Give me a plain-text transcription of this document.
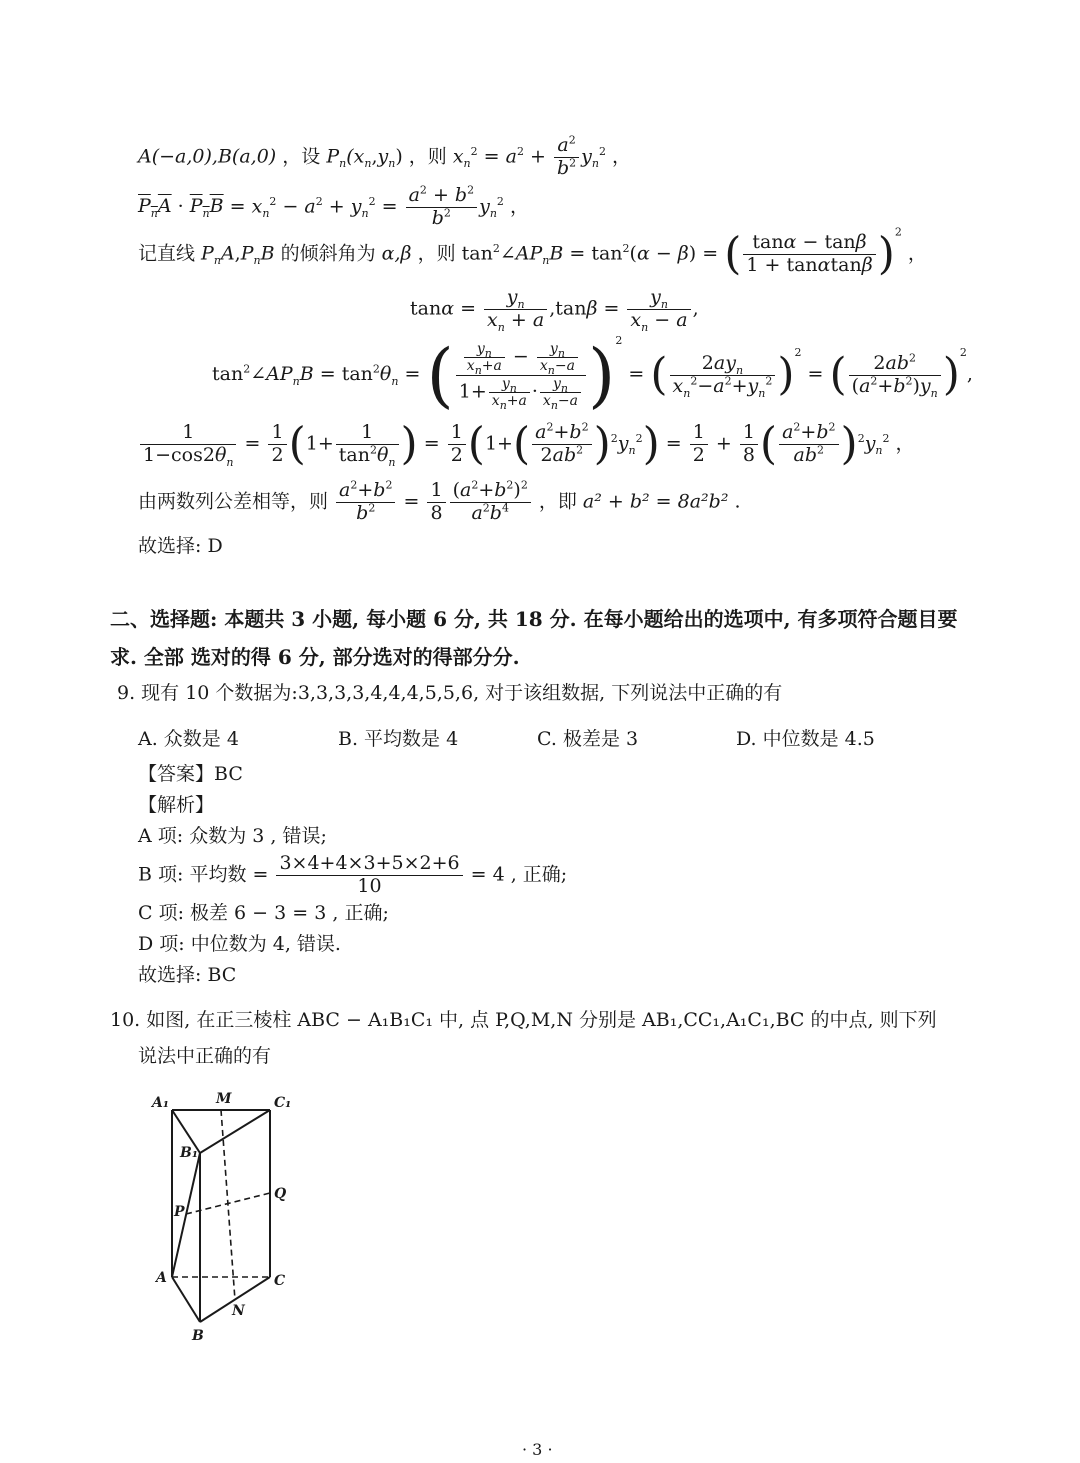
A(−a,0),B(a,0) ，设 $P_n(x_n,y_n)$ ，则 $x_n^2 = a^2 + \frac{a^2}{b^2} y_n^2$ ，
$P_nA \cdot P_nB = x_n^2 - a^2 + y_n^2 = \frac{a^2 + b^2}{b^2} y_n^2$ ，
记直线 $P_nA,P_nB$ 的倾斜角为 α,β ，则 $\tan^2\angle AP_nB = \tan^2(\alpha - \beta)$ = ( $\frac{\tan\alpha - \tan\beta}{1 + \tan\alpha\tan\beta} )^2$ ，
$\tan\alpha = \frac{y_n}{x_n + a} ,\tan\beta = \frac{y_n}{x_n - a}$ ,
$\tan^2\angle AP_nB = \tan^2\theta_n$ = ( $\frac{\frac{y_n}{x_n+a} - \frac{y_n}{x_n-a}}{1+ \frac{y_n}{x_n+a} \cdot \frac{y_n}{x_n-a}} )^2$ = ( $\frac{2ay_n}{x_n^2-a^2+y_n^2} )^2$ = ( $\frac{2ab^2}{(a^2+b^2)y_n} )^2$,
$\frac{1}{1-\cos 2\theta_n} = \frac{1}{2} (1+ \frac{1}{\tan^2\theta_n}$ ) = $\frac{1}{2} (1+( \frac{a^2+b^2}{2ab^2} )^2y_n^2) = \frac{1}{2} + \frac{1}{8}$ ( $\frac{a^2+b^2}{ab^2} )^2y_n^2$ ，
由两数列公差相等，则 $\frac{a^2+b^2}{b^2} = \frac{1}{8} \frac{(a^2+b^2)^2}{a^2b^4}$ ，即 a² + b² = 8a²b² .
故选择: D
二、选择题: 本题共 3 小题, 每小题 6 分, 共 18 分. 在每小题给出的选项中, 有多项符合题目要
求. 全部 选对的得 6 分, 部分选对的得部分分.
9. 现有 10 个数据为:3,3,3,3,4,4,4,5,5,6, 对于该组数据, 下列说法中正确的有
A. 众数是 4	B. 平均数是 4	C. 极差是 3	D. 中位数是 4.5
【答案】BC
【解析】
A 项: 众数为 3 , 错误;
B 项: 平均数 = $\frac{3\times 4+4\times 3+5\times 2+6}{10} = 4$ , 正确;
C 项: 极差 6 − 3 = 3 , 正确;
D 项: 中位数为 4, 错误.
故选择: BC
10. 如图, 在正三棱柱 ABC − A₁B₁C₁ 中, 点 P,Q,M,N 分别是 AB₁,CC₁,A₁C₁,BC 的中点, 则下列
说法中正确的有
A₁	M	C₁
B₁
Q
P
A	C
N
B
· 3 ·
